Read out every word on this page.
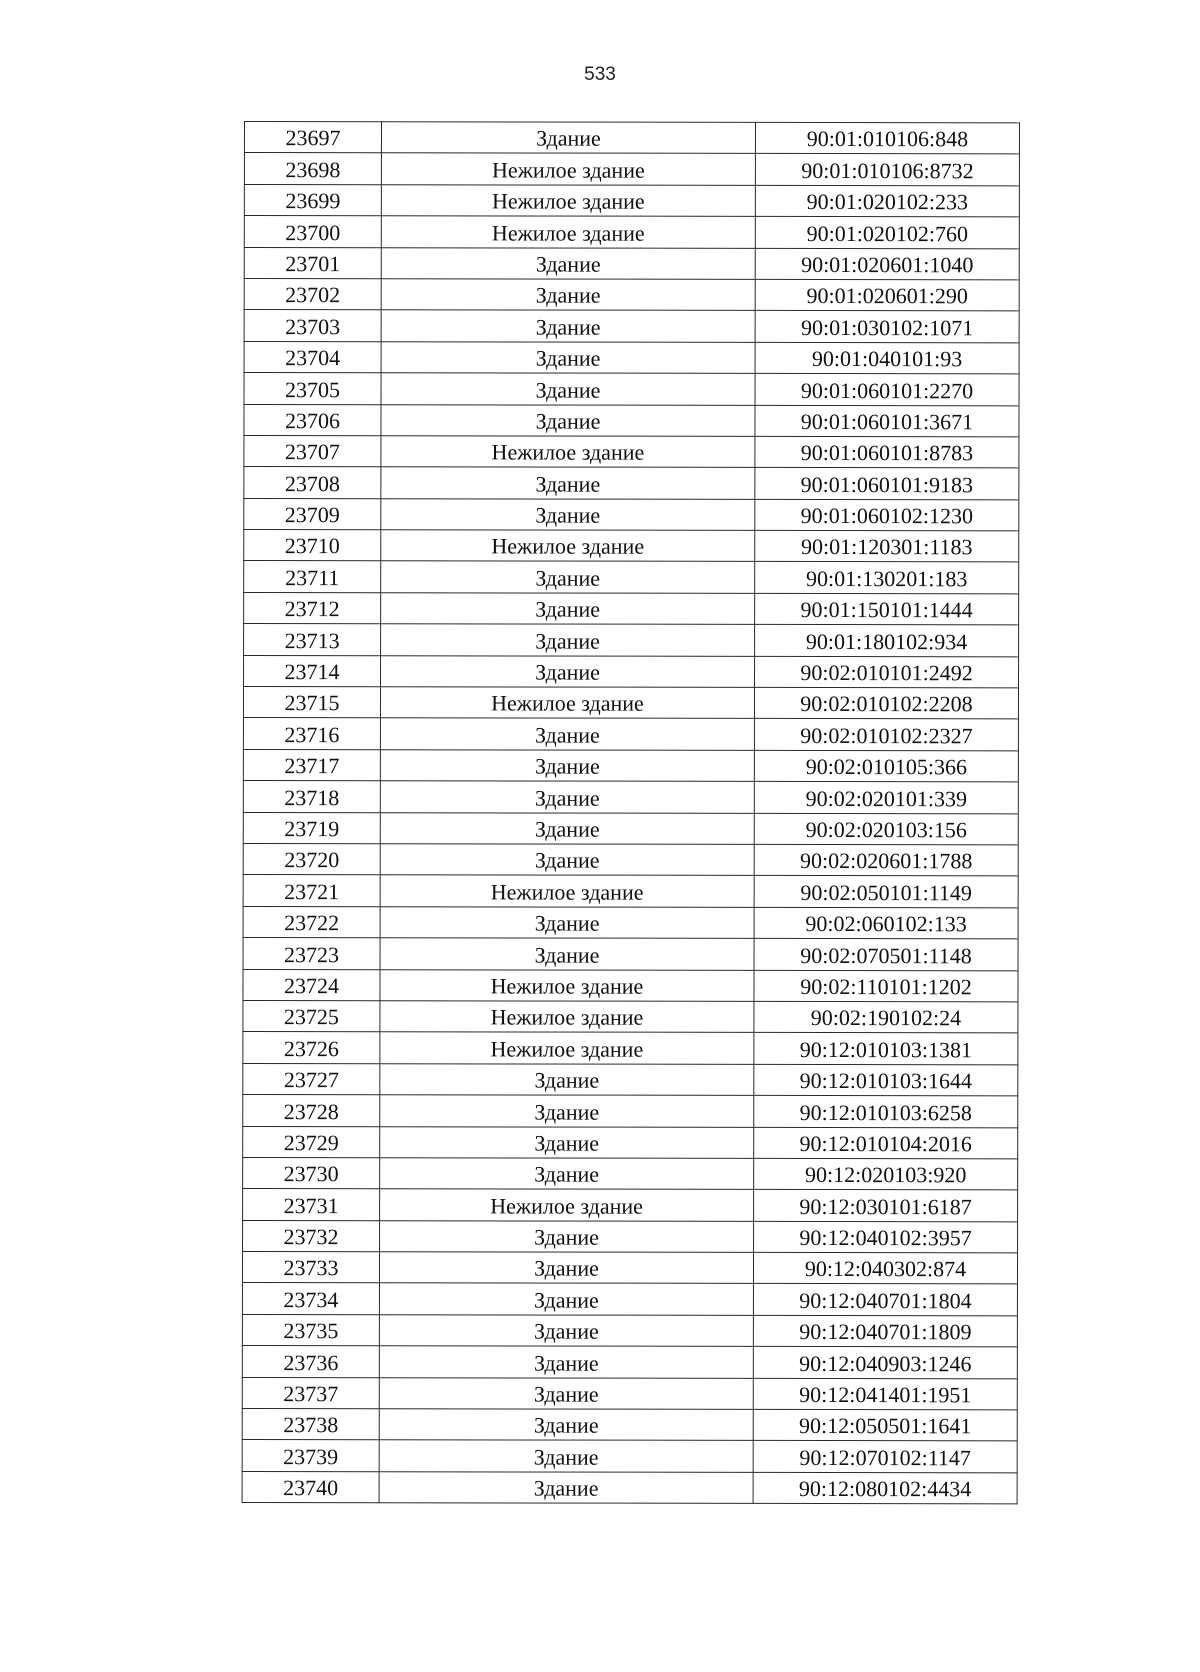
533
23697	Здание	90:01:010106:848
23698	Нежилое здание	90:01:010106:8732
23699	Нежилое здание	90:01:020102:233
23700	Нежилое здание	90:01:020102:760
23701	Здание	90:01:020601:1040
23702	Здание	90:01:020601:290
23703	Здание	90:01:030102:1071
23704	Здание	90:01:040101:93
23705	Здание	90:01:060101:2270
23706	Здание	90:01:060101:3671
23707	Нежилое здание	90:01:060101:8783
23708	Здание	90:01:060101:9183
23709	Здание	90:01:060102:1230
23710	Нежилое здание	90:01:120301:1183
23711	Здание	90:01:130201:183
23712	Здание	90:01:150101:1444
23713	Здание	90:01:180102:934
23714	Здание	90:02:010101:2492
23715	Нежилое здание	90:02:010102:2208
23716	Здание	90:02:010102:2327
23717	Здание	90:02:010105:366
23718	Здание	90:02:020101:339
23719	Здание	90:02:020103:156
23720	Здание	90:02:020601:1788
23721	Нежилое здание	90:02:050101:1149
23722	Здание	90:02:060102:133
23723	Здание	90:02:070501:1148
23724	Нежилое здание	90:02:110101:1202
23725	Нежилое здание	90:02:190102:24
23726	Нежилое здание	90:12:010103:1381
23727	Здание	90:12:010103:1644
23728	Здание	90:12:010103:6258
23729	Здание	90:12:010104:2016
23730	Здание	90:12:020103:920
23731	Нежилое здание	90:12:030101:6187
23732	Здание	90:12:040102:3957
23733	Здание	90:12:040302:874
23734	Здание	90:12:040701:1804
23735	Здание	90:12:040701:1809
23736	Здание	90:12:040903:1246
23737	Здание	90:12:041401:1951
23738	Здание	90:12:050501:1641
23739	Здание	90:12:070102:1147
23740	Здание	90:12:080102:4434
